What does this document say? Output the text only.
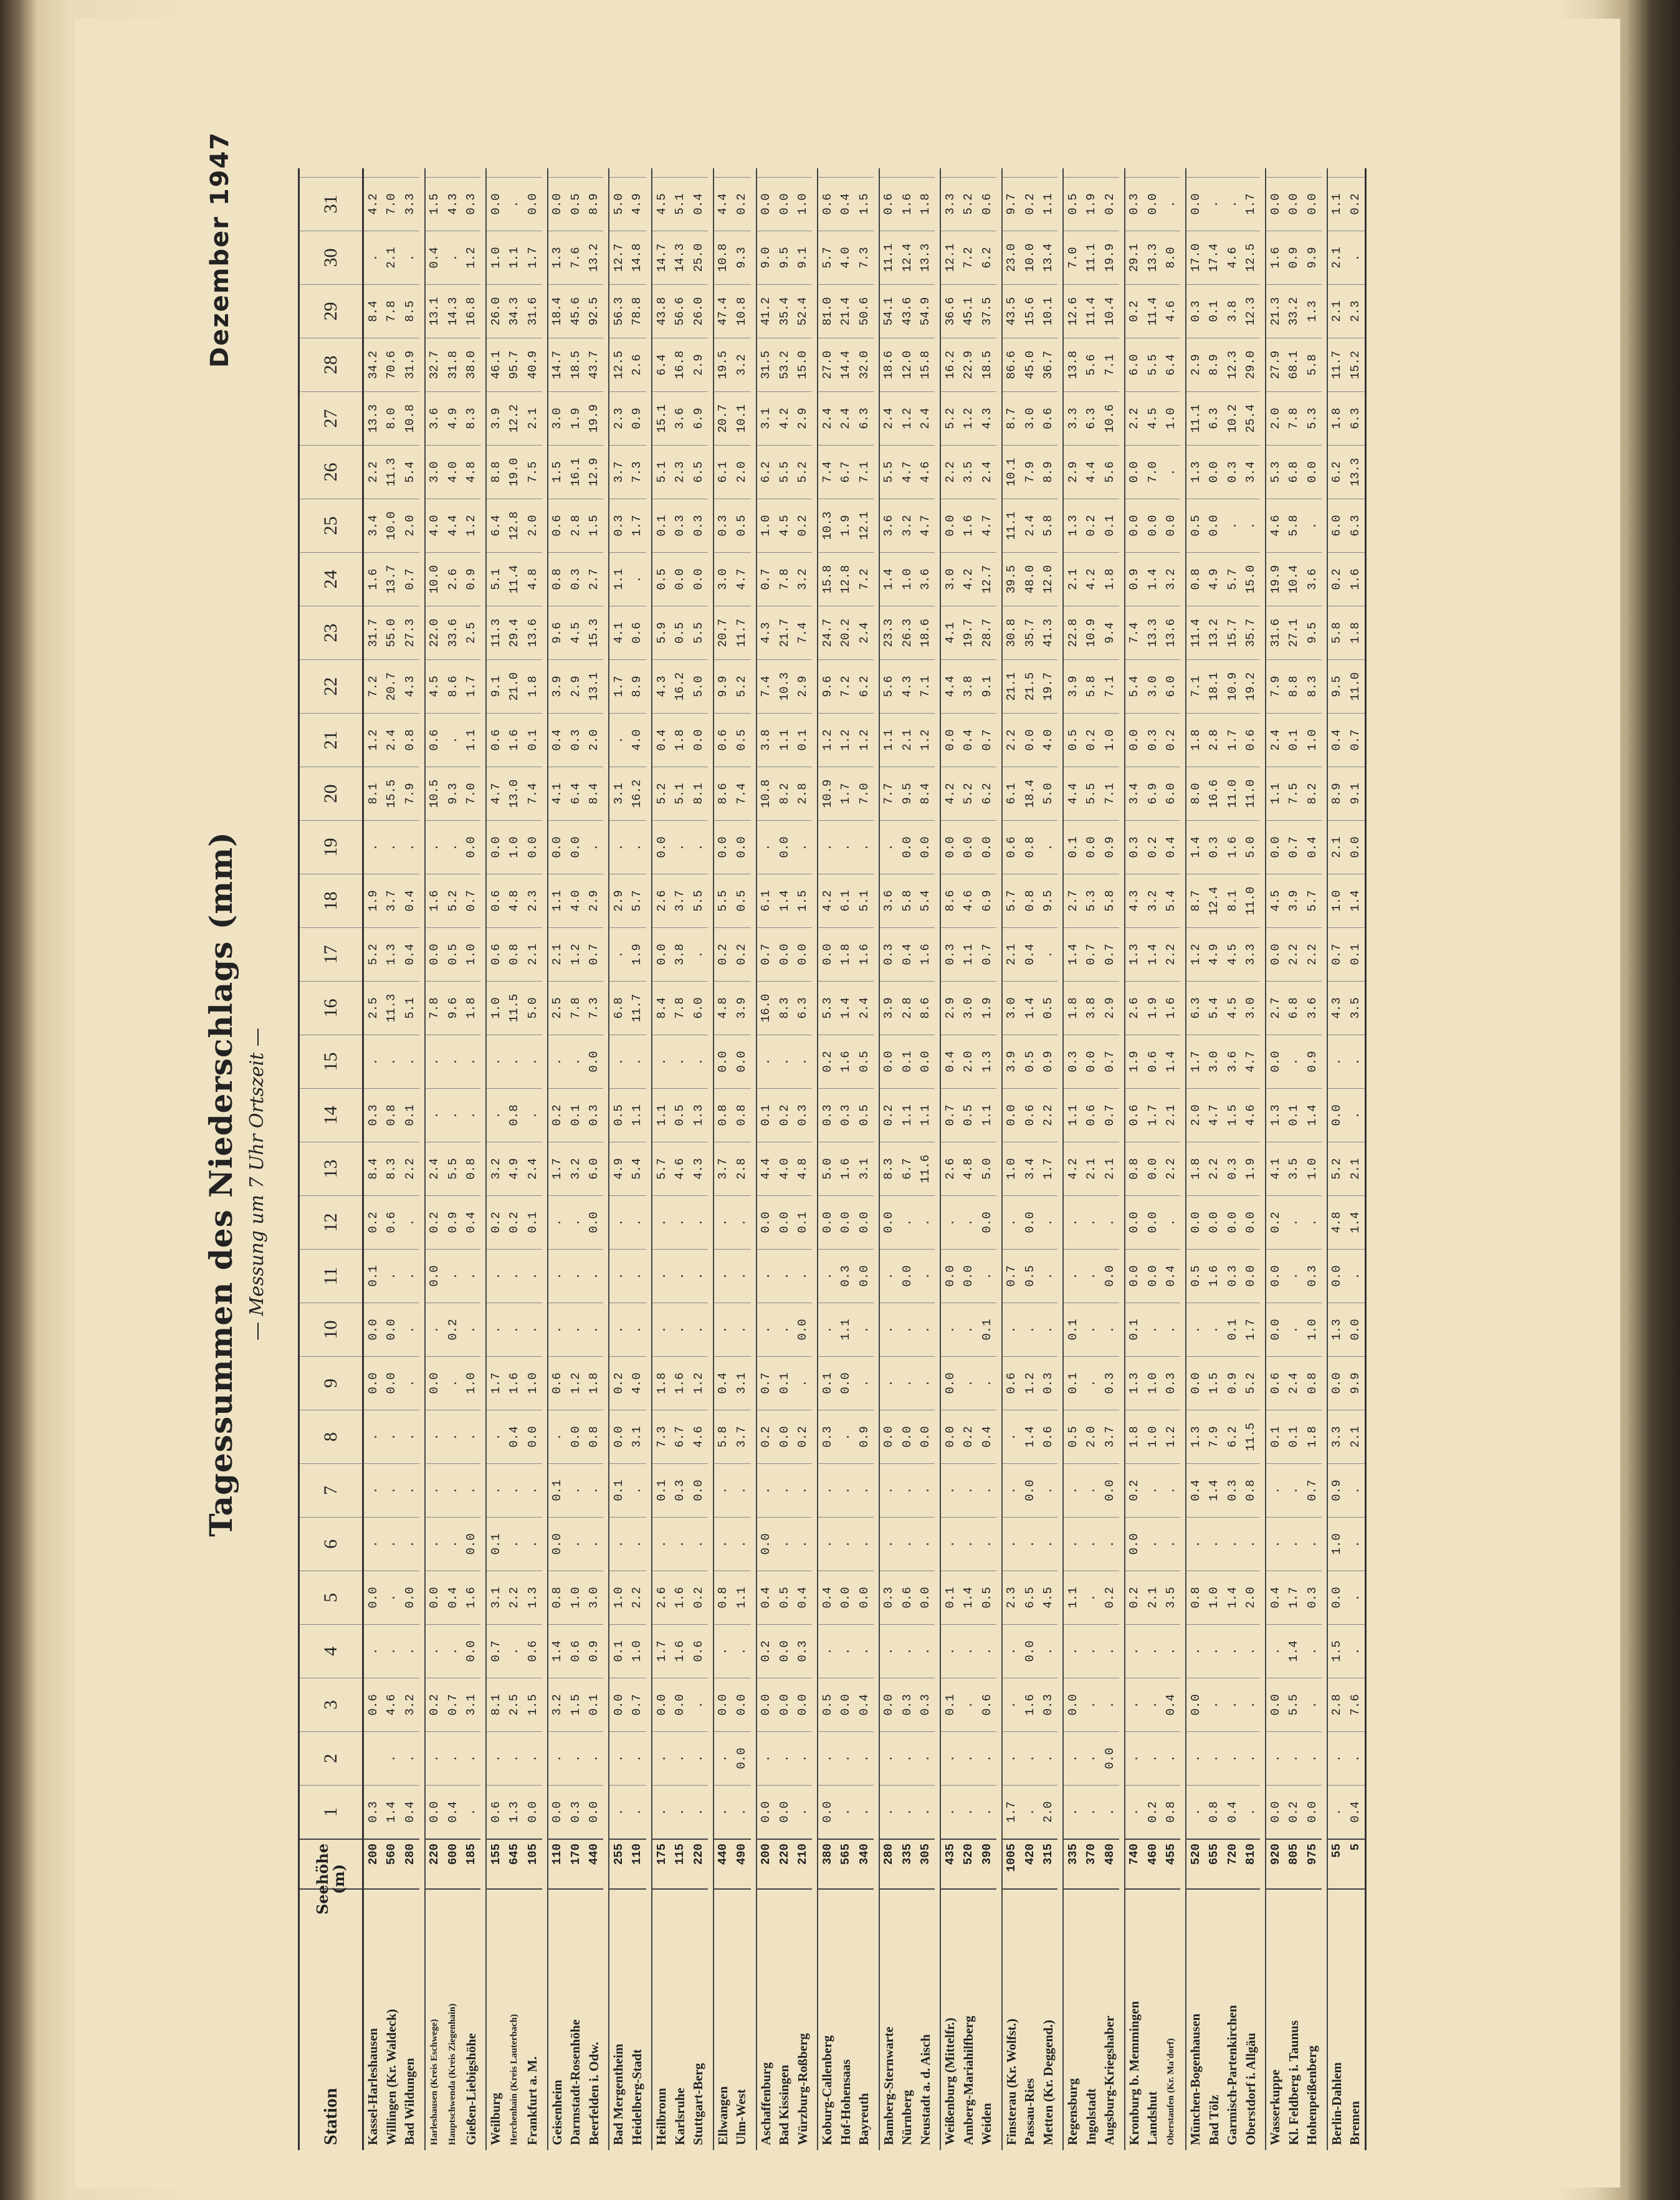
Tagessummen des Niederschlags (mm) — Messung um 7 Uhr Ortszeit —
Dezember 1947
Station
Seehöhe (m)
1
2
3
4
5
6
7
8
9
10
11
12
13
14
15
16
17
18
19
20
21
22
23
24
25
26
27
28
29
30
31
Kassel-Harleshausen
200
0.3
0.6
.
0.0
.
.
.
0.0
0.0
0.1
0.2
8.4
0.3
.
2.5
5.2
1.9
.
8.1
1.2
7.2
31.7
1.6
3.4
2.2
13.3
34.2
8.4
.
4.2
Willingen (Kr. Waldeck)
560
1.4
.
4.6
.
.
.
.
.
0.0
0.0
.
0.6
8.3
0.8
.
11.3
1.3
3.7
.
15.5
2.4
20.7
55.0
13.7
10.0
11.3
8.0
70.6
7.8
2.1
7.0
Bad Wildungen
280
0.4
.
3.2
.
0.0
.
.
.
.
.
.
.
2.2
0.1
.
5.1
0.4
0.4
.
7.9
0.8
4.3
27.3
0.7
2.0
5.4
10.8
31.9
8.5
.
3.3
Harleshausen (Kreis Eschwege)
220
0.0
.
0.2
.
0.0
.
.
.
0.0
.
0.0
0.2
2.4
.
.
7.8
0.0
1.6
.
10.5
0.6
4.5
22.0
10.0
4.0
3.0
3.6
32.7
13.1
0.4
1.5
Hauptschwenda (Kreis Ziegenhain)
600
0.4
.
0.7
.
0.4
.
.
.
.
0.2
.
0.9
5.5
.
.
9.6
0.5
5.2
.
9.3
.
8.6
33.6
2.6
4.4
4.0
4.9
31.8
14.3
.
4.3
Gießen-Liebigshöhe
185
.
.
3.1
0.0
1.6
0.0
.
.
1.0
.
.
0.4
0.8
.
.
1.8
1.0
0.7
0.0
7.0
1.1
1.7
2.5
0.9
1.2
4.8
8.3
38.0
16.8
1.2
0.3
Weilburg
155
0.6
.
8.1
0.7
3.1
0.1
.
.
1.7
.
.
0.2
3.2
.
.
1.0
0.6
0.6
0.0
4.7
0.6
9.1
11.3
5.1
6.4
8.8
3.9
46.1
26.0
1.0
0.0
Herchenhain (Kreis Lauterbach)
645
1.3
.
2.5
.
2.2
.
.
0.4
1.6
.
.
0.2
4.9
0.8
.
11.5
0.8
4.8
1.0
13.0
1.6
21.0
29.4
11.4
12.8
19.0
12.2
95.7
34.3
1.1
.
Frankfurt a. M.
105
0.0
.
1.5
0.6
1.3
.
.
0.0
1.0
.
.
0.1
2.4
.
.
5.0
2.1
2.3
0.0
7.4
0.1
1.8
13.6
4.8
2.0
7.5
2.1
40.9
31.6
1.7
0.0
Geisenheim
110
0.0
.
3.2
1.4
0.8
0.0
0.1
.
0.6
.
.
.
1.7
0.2
.
2.5
2.1
1.1
0.0
4.1
0.4
3.9
9.6
0.8
0.6
1.5
3.0
14.7
18.4
1.3
0.0
Darmstadt-Rosenhöhe
170
0.3
.
1.5
0.6
1.0
.
.
0.0
1.2
.
.
.
3.2
0.1
.
7.8
1.2
4.0
0.0
6.4
0.3
2.9
4.5
0.3
2.8
16.1
1.9
18.5
45.6
7.6
0.5
Beerfelden i. Odw.
440
0.0
.
0.1
0.9
3.0
.
.
0.8
1.8
.
.
0.0
6.0
0.3
0.0
7.3
0.7
2.9
.
8.4
2.0
13.1
15.3
2.7
1.5
12.9
19.9
43.7
92.5
13.2
8.9
Bad Mergentheim
255
.
.
0.0
0.1
1.0
.
0.1
0.0
0.2
.
.
.
4.9
0.5
.
6.8
.
2.9
.
3.1
.
1.7
4.1
1.1
0.3
3.7
2.3
12.5
56.3
12.7
5.0
Heidelberg-Stadt
110
.
.
0.7
1.0
2.2
.
.
3.1
4.0
.
.
.
5.4
1.1
.
11.7
1.9
5.7
.
16.2
4.0
8.9
0.6
.
1.7
7.3
0.9
2.6
78.8
14.8
4.9
Heilbronn
175
.
.
0.0
1.7
2.6
.
0.1
7.3
1.8
.
.
.
5.7
1.1
.
8.4
0.0
2.6
0.0
5.2
0.4
4.3
5.9
0.5
0.1
5.1
15.1
6.4
43.8
14.7
4.5
Karlsruhe
115
.
.
0.0
1.6
1.6
.
0.3
6.7
1.6
.
.
.
4.6
0.5
.
7.8
3.8
3.7
.
5.1
1.8
16.2
0.5
0.0
0.3
2.3
3.6
16.8
56.6
14.3
5.1
Stuttgart-Berg
220
.
.
.
0.6
0.2
.
0.0
4.6
1.2
.
.
.
4.3
1.3
.
6.0
.
5.5
.
8.1
0.0
5.0
5.5
0.0
0.3
6.5
6.9
2.9
26.0
25.0
0.4
Ellwangen
440
.
.
0.0
.
0.8
.
.
5.8
0.4
.
.
.
3.7
0.8
0.0
4.8
0.2
5.5
0.0
8.6
0.6
9.9
20.7
3.0
0.3
6.1
20.7
19.5
47.4
10.8
4.4
Ulm-West
490
.
0.0
0.0
.
1.1
.
.
3.7
3.1
.
.
.
2.8
0.8
0.0
3.9
0.2
0.5
0.0
7.4
0.5
5.2
11.7
4.7
0.5
2.0
10.1
3.2
10.8
9.3
0.2
Aschaffenburg
200
0.0
.
0.0
0.2
0.4
0.0
.
0.2
0.7
.
.
0.0
4.4
0.1
.
16.0
0.7
6.1
.
10.8
3.8
7.4
4.3
0.7
1.0
6.2
3.1
31.5
41.2
9.0
0.0
Bad Kissingen
220
0.0
.
0.0
0.0
0.5
.
.
0.0
0.1
.
.
0.0
4.0
0.2
.
8.3
0.0
1.4
0.0
8.2
1.1
10.3
21.7
7.8
4.5
5.5
4.2
53.2
35.4
9.5
0.0
Würzburg-Roßberg
210
.
.
0.0
0.3
0.4
.
.
0.2
.
0.0
.
0.1
4.8
0.3
.
6.3
0.0
1.5
.
2.8
0.1
2.9
7.4
3.2
0.2
5.2
2.9
15.0
52.4
9.1
1.0
Koburg-Callenberg
380
0.0
.
0.5
.
0.4
.
.
0.3
0.1
.
.
0.0
5.0
0.3
0.2
5.3
0.0
4.2
.
10.9
1.2
9.6
24.7
15.8
10.3
7.4
2.4
27.0
81.0
5.7
0.6
Hof-Hohensaas
565
.
.
0.0
.
0.0
.
.
.
0.0
1.1
0.3
0.0
1.6
0.3
1.6
1.4
1.8
6.1
.
1.7
1.2
7.2
20.2
12.8
1.9
6.7
2.4
14.4
21.4
4.0
0.4
Bayreuth
340
.
.
0.4
.
0.0
.
.
0.9
.
.
0.0
0.0
3.1
0.5
0.5
2.4
1.6
5.1
.
7.0
1.2
6.2
2.4
7.2
12.1
7.1
6.3
32.0
50.6
7.3
1.5
Bamberg-Sternwarte
280
.
.
0.0
.
0.3
.
.
0.0
.
.
.
0.0
8.3
0.2
0.0
3.9
0.3
3.6
.
7.7
1.1
5.6
23.3
1.4
3.6
5.5
2.4
18.6
54.1
11.1
0.6
Nürnberg
335
.
.
0.3
.
0.6
.
.
0.0
.
.
0.0
.
6.7
1.1
0.1
2.8
0.4
5.8
0.0
9.5
2.1
4.3
26.3
1.0
3.2
4.7
1.2
12.0
43.6
12.4
1.6
Neustadt a. d. Aisch
305
.
.
0.3
.
0.0
.
.
0.0
.
.
.
.
11.6
1.1
0.0
8.6
1.6
5.4
0.0
8.4
1.2
7.1
18.6
3.6
4.7
4.6
2.4
15.8
54.9
13.3
1.8
Weißenburg (Mittelfr.)
435
.
.
0.1
.
0.1
.
.
0.0
0.0
.
0.0
.
2.6
0.7
0.4
2.9
0.3
8.6
0.0
4.2
0.0
4.4
4.1
3.0
0.0
2.2
5.2
16.2
36.6
12.1
3.3
Amberg-Mariahilfberg
520
.
.
.
.
1.4
.
.
0.2
.
.
0.0
.
4.8
0.5
2.0
3.0
1.1
4.6
0.0
5.2
0.4
3.8
19.7
4.2
1.6
3.5
1.2
22.9
45.1
7.2
5.2
Weiden
390
.
.
0.6
.
0.5
.
.
0.4
.
0.1
.
0.0
5.0
1.1
1.3
1.9
0.7
6.9
0.0
6.2
0.7
9.1
28.7
12.7
4.7
2.4
4.3
18.5
37.5
6.2
0.6
Finsterau (Kr. Wolfst.)
1005
1.7
.
.
.
2.3
.
.
.
0.6
.
0.7
.
1.0
0.0
3.9
3.0
2.1
5.7
0.6
6.1
2.2
21.1
30.8
39.5
11.1
10.1
8.7
86.6
43.5
23.0
9.7
Passau-Ries
420
.
.
1.6
0.0
6.5
.
0.0
1.4
1.2
.
0.5
0.0
3.4
0.6
0.5
1.4
0.4
0.8
0.8
18.4
0.0
21.5
35.7
48.0
2.4
7.9
3.0
45.0
15.6
10.0
0.2
Metten (Kr. Deggend.)
315
2.0
.
0.3
.
4.5
.
.
0.6
0.3
.
.
.
1.7
2.2
0.9
0.5
.
9.5
.
5.0
4.0
19.7
41.3
12.0
5.8
8.9
0.6
36.7
10.1
13.4
1.1
Regensburg
335
.
.
0.0
.
1.1
.
.
0.5
0.1
0.1
.
.
4.2
1.1
0.3
1.8
1.4
2.7
0.1
4.4
0.5
3.9
22.8
2.1
1.3
2.9
3.3
13.8
12.6
7.0
0.5
Ingolstadt
370
.
.
.
.
.
.
.
2.0
.
.
.
.
2.1
0.6
0.0
3.8
0.7
5.3
0.0
5.5
0.2
5.8
10.9
4.2
0.2
4.4
6.3
5.6
11.4
11.1
1.9
Augsburg-Kriegshaber
480
.
0.0
.
.
0.2
.
0.0
3.7
0.3
.
0.0
.
2.1
0.7
0.7
2.9
0.7
5.8
0.9
7.1
1.0
7.1
9.4
1.8
0.1
5.6
10.6
7.1
10.4
19.9
0.2
Kronburg b. Memmingen
740
.
.
.
.
0.2
0.0
0.2
1.8
1.3
0.1
0.0
0.0
0.8
0.6
1.9
2.6
1.3
4.3
0.3
3.4
0.0
5.4
7.4
0.9
0.0
0.0
2.2
6.0
0.2
29.1
0.3
Landshut
460
0.2
.
.
.
2.1
.
.
1.0
1.0
.
0.0
0.0
0.0
1.7
0.6
1.9
1.4
3.2
0.2
6.9
0.3
3.0
13.3
1.4
0.0
7.0
4.5
5.5
11.4
13.3
0.0
Oberstaufen (Kr. Ma'dorf)
455
0.8
.
0.4
.
3.5
.
.
1.2
0.3
.
0.4
.
2.2
2.1
1.4
1.6
2.2
5.4
0.4
6.0
0.2
6.0
13.6
3.2
0.0
.
1.0
6.4
4.6
8.0
.
München-Bogenhausen
520
.
.
0.0
.
0.8
.
0.4
1.3
0.0
.
0.5
0.0
1.8
2.0
1.7
6.3
1.2
8.7
1.4
8.0
1.8
7.1
11.4
0.8
0.5
1.3
11.1
2.9
0.3
17.0
0.0
Bad Tölz
655
0.8
.
.
.
1.0
.
1.4
7.9
1.5
.
1.6
0.0
2.2
4.7
3.0
5.4
4.9
12.4
0.3
16.6
2.8
18.1
13.2
4.9
0.0
0.0
6.3
8.9
0.1
17.4
.
Garmisch-Partenkirchen
720
0.4
.
.
.
1.4
.
0.3
6.2
0.9
0.1
0.3
0.0
0.3
1.5
3.6
4.5
4.5
8.1
1.6
11.0
1.7
10.9
15.7
5.7
.
0.3
10.2
12.3
3.8
4.6
.
Oberstdorf i. Allgäu
810
.
.
.
.
2.0
.
0.8
11.5
5.2
1.7
0.0
0.0
1.9
4.6
4.7
3.0
3.3
11.0
5.0
11.0
0.6
19.2
35.7
15.0
.
3.4
25.4
29.0
12.3
12.5
1.7
Wasserkuppe
920
0.0
.
0.0
.
0.4
.
.
0.1
0.6
0.0
0.0
0.2
4.1
1.3
0.0
2.7
0.0
4.5
0.0
1.1
2.4
7.9
31.6
19.9
4.6
5.3
2.0
27.9
21.3
1.6
0.0
Kl. Feldberg i. Taunus
805
0.2
.
5.5
1.4
1.7
.
.
0.1
2.4
.
.
.
3.5
0.1
.
6.8
2.2
3.9
0.7
7.5
0.1
8.8
27.1
10.4
5.8
6.8
7.8
68.1
33.2
0.9
0.0
Hohenpeißenberg
975
0.0
.
.
.
0.3
.
0.7
1.8
0.8
1.0
0.3
.
1.0
1.4
0.9
3.6
2.2
5.7
0.4
8.2
1.0
8.3
9.5
3.6
.
0.0
5.3
5.8
1.3
9.9
0.0
Berlin-Dahlem
55
.
.
2.8
1.5
0.0
1.0
0.9
3.3
0.0
1.3
0.0
4.8
5.2
0.0
.
4.3
0.7
1.0
2.1
8.9
0.4
9.5
5.8
0.2
6.0
6.2
1.8
11.7
2.1
2.1
1.1
Bremen
5
0.4
.
7.6
.
.
.
.
2.1
9.9
0.0
.
1.4
2.1
.
.
3.5
0.1
1.4
0.0
9.1
0.7
11.0
1.8
1.6
6.3
13.3
6.3
15.2
2.3
.
0.2
